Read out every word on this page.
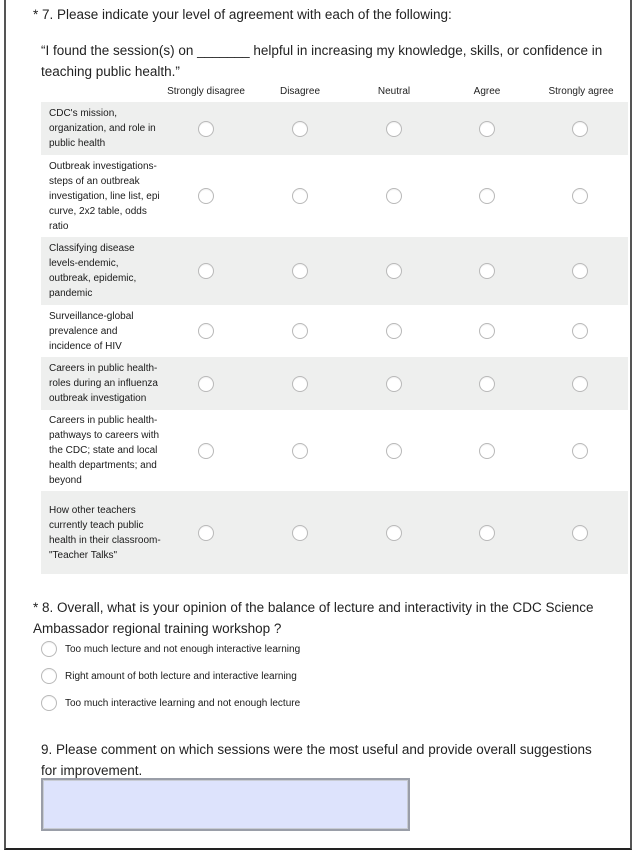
* 7. Please indicate your level of agreement with each of the following:
“I found the session(s) on _______ helpful in increasing my knowledge, skills, or confidence in teaching public health.”
Strongly disagree	Disagree	Neutral	Agree	Strongly agree
CDC's mission, organization, and role in public health
Outbreak investigations-steps of an outbreak investigation, line list, epi curve, 2x2 table, odds ratio
Classifying disease levels-endemic, outbreak, epidemic, pandemic
Surveillance-global prevalence and incidence of HIV
Careers in public health-roles during an influenza outbreak investigation
Careers in public health-pathways to careers with the CDC; state and local health departments; and beyond
How other teachers currently teach public health in their classroom-"Teacher Talks"
* 8. Overall, what is your opinion of the balance of lecture and interactivity in the CDC Science Ambassador regional training workshop ?
Too much lecture and not enough interactive learning
Right amount of both lecture and interactive learning
Too much interactive learning and not enough lecture
9. Please comment on which sessions were the most useful and provide overall suggestions for improvement.
